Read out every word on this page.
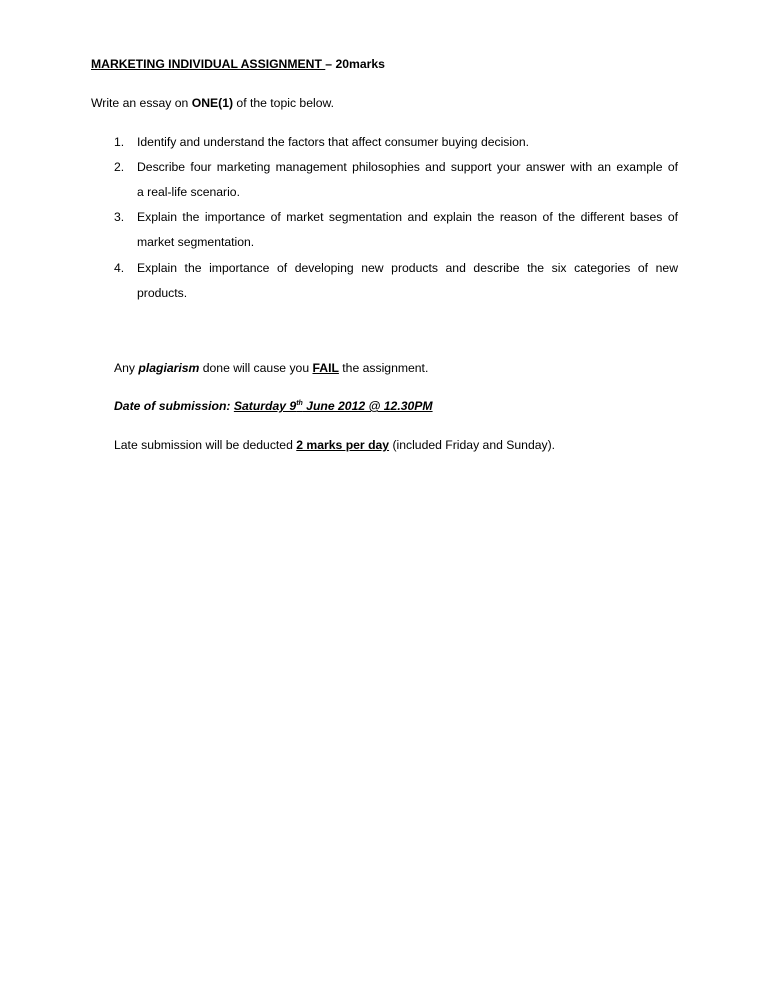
MARKETING INDIVIDUAL ASSIGNMENT – 20marks
Write an essay on ONE(1) of the topic below.
1. Identify and understand the factors that affect consumer buying decision.
2. Describe four marketing management philosophies and support your answer with an example of
a real-life scenario.
3. Explain the importance of market segmentation and explain the reason of the different bases of
market segmentation.
4. Explain the importance of developing new products and describe the six categories of new
products.
Any plagiarism done will cause you FAIL the assignment.
Date of submission: Saturday 9th June 2012 @ 12.30PM
Late submission will be deducted 2 marks per day (included Friday and Sunday).
